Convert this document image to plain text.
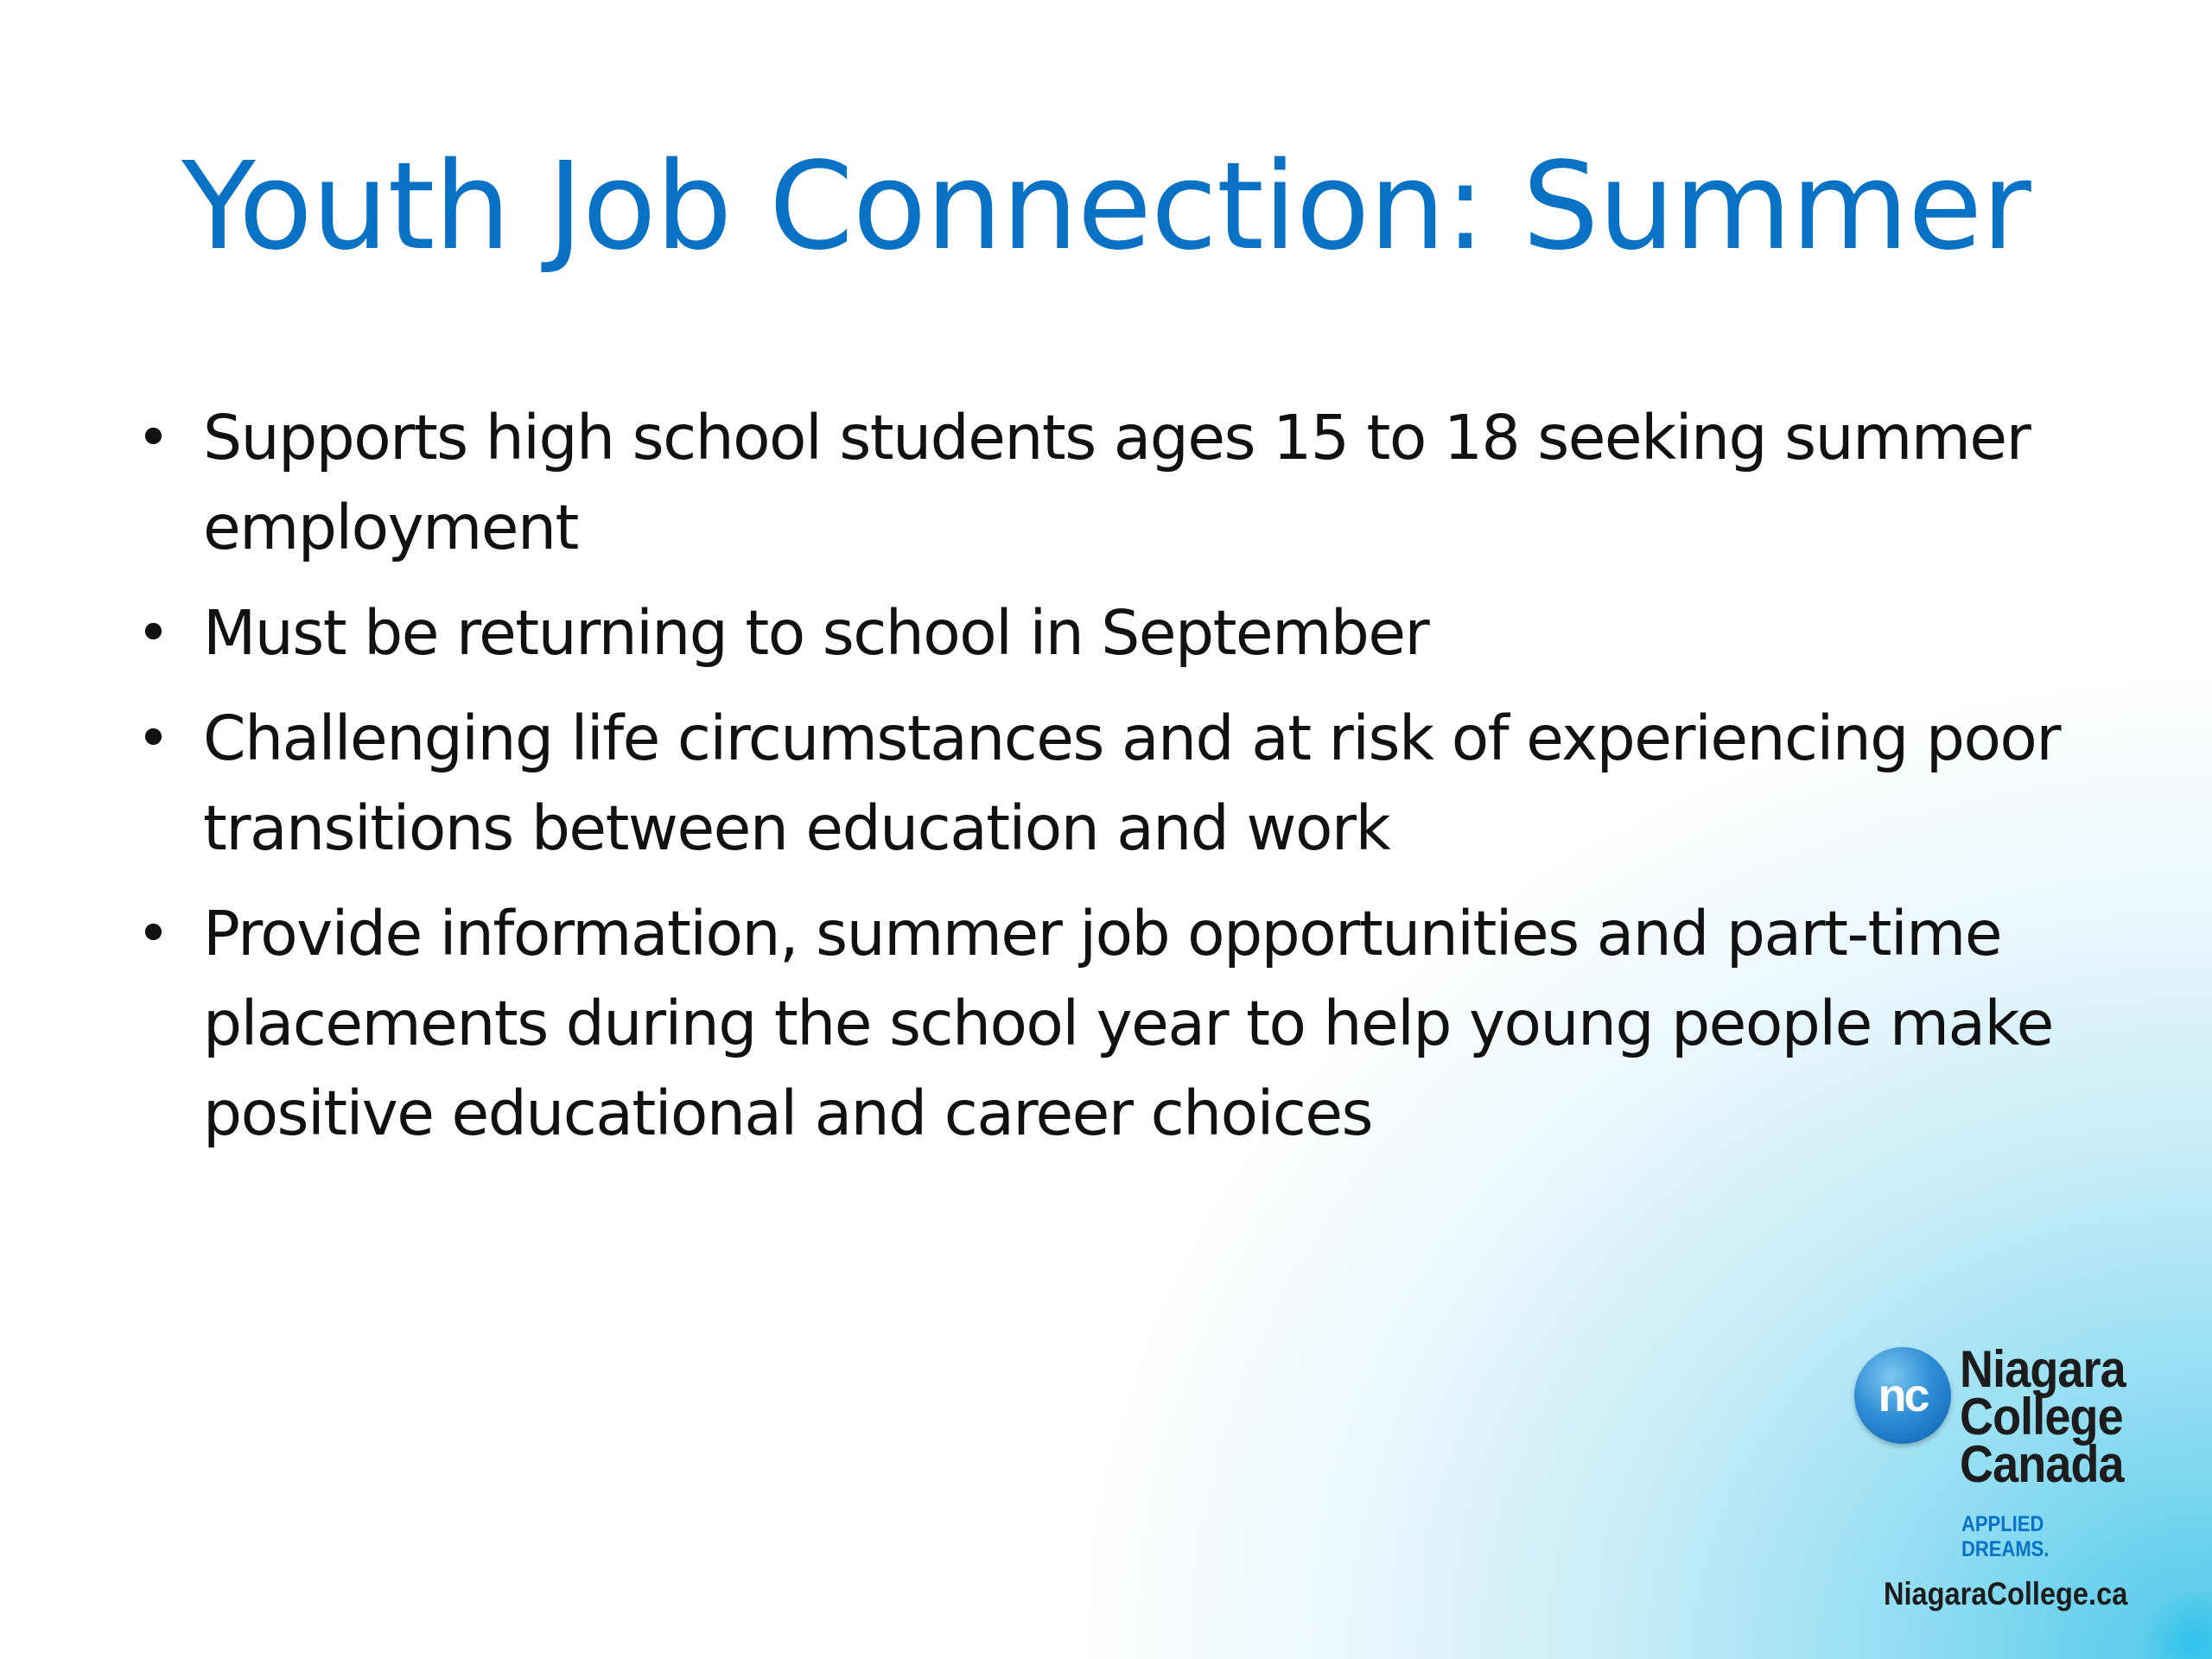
Youth Job Connection: Summer
• Supports high school students ages 15 to 18 seeking summer employment
• Must be returning to school in September
• Challenging life circumstances and at risk of experiencing poor transitions between education and work
• Provide information, summer job opportunities and part-time placements during the school year to help young people make positive educational and career choices
nc Niagara
College
Canada
APPLIED DREAMS.
NiagaraCollege.ca
